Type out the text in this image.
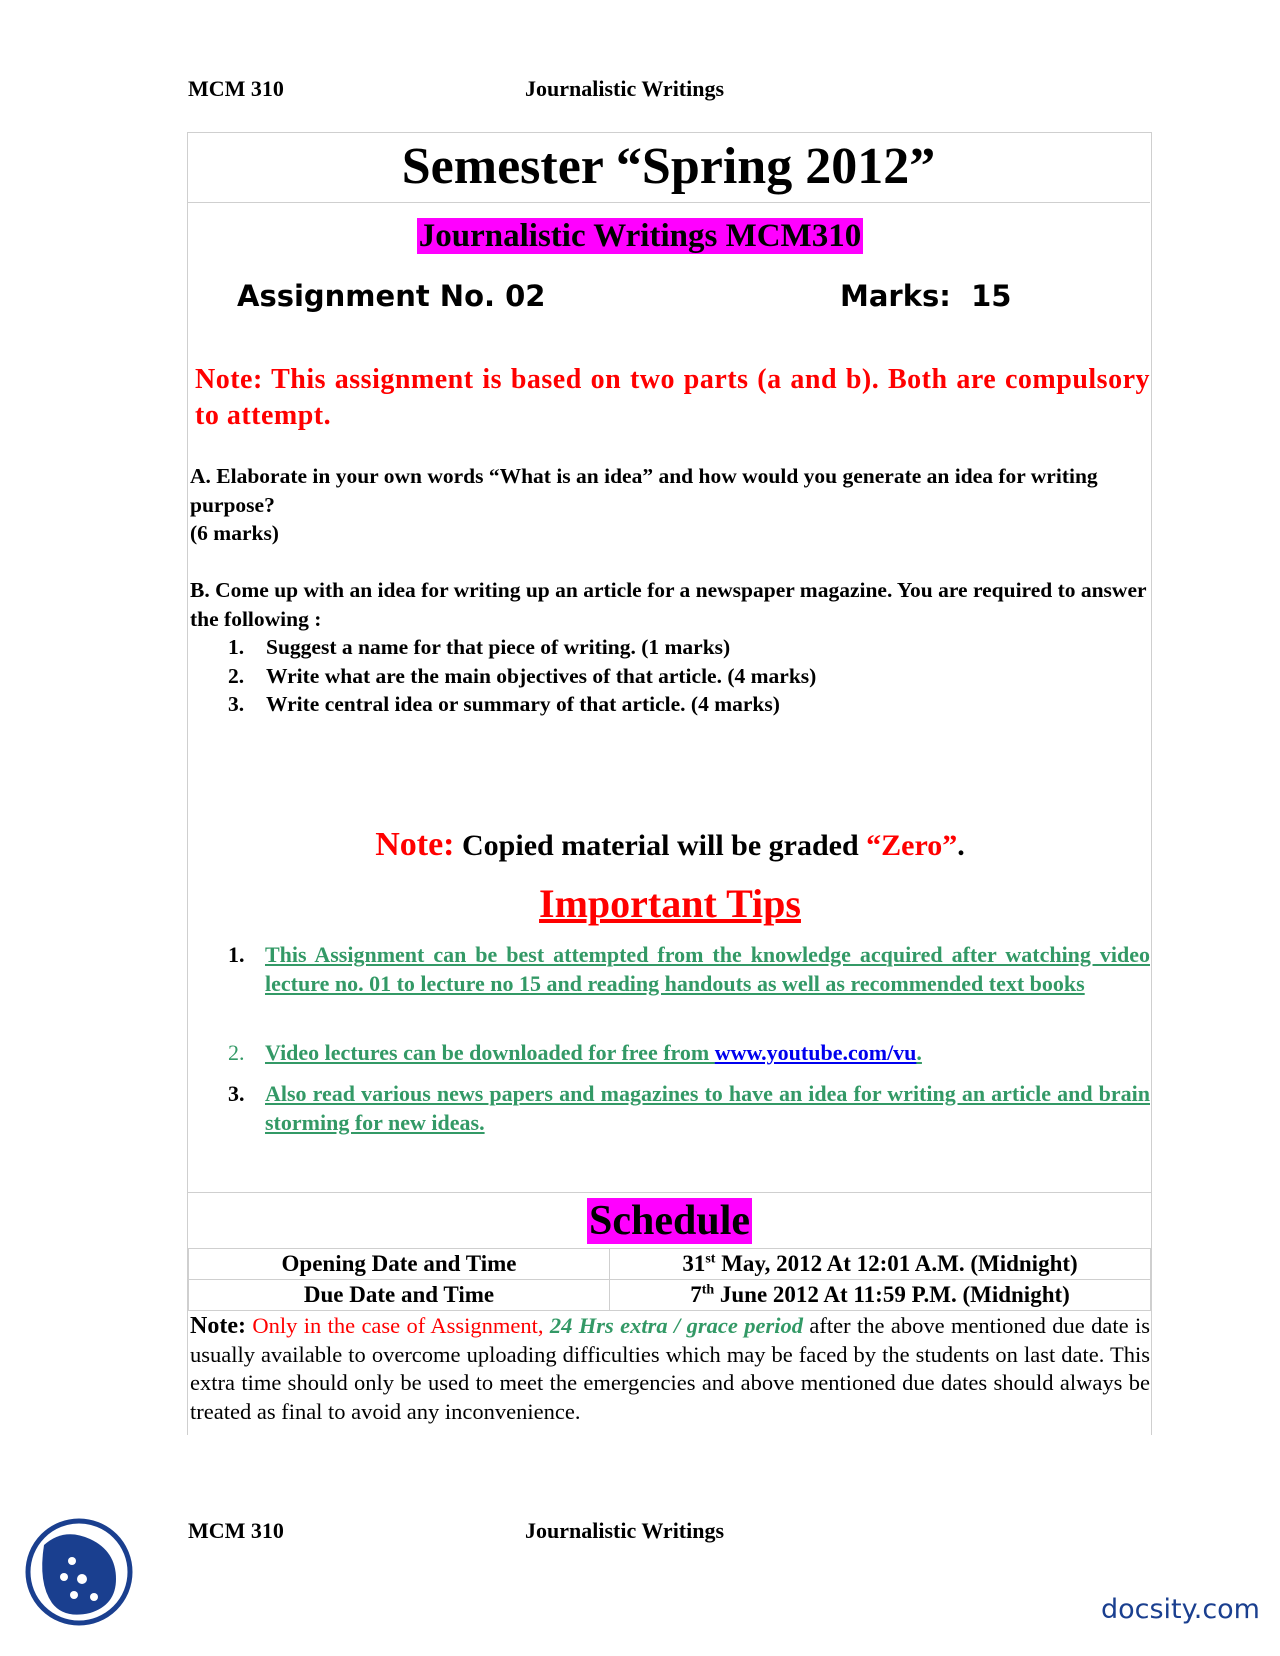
MCM 310	Journalistic Writings
Semester “Spring 2012”
Journalistic Writings MCM310
Assignment No. 02	Marks:  15
Note: This assignment is based on two parts (a and b). Both are compulsory to attempt.

A. Elaborate in your own words “What is an idea” and how would you generate an idea for writing purpose?

(6 marks)

B. Come up with an idea for writing up an article for a newspaper magazine. You are required to answer the following :

1. Suggest a name for that piece of writing. (1 marks)
2. Write what are the main objectives of that article. (4 marks)
3. Write central idea or summary of that article. (4 marks)
Note: Copied material will be graded “Zero”.
Important Tips
1. This Assignment can be best attempted from the knowledge acquired after watching video lecture no. 01 to lecture no 15 and reading handouts as well as recommended text books
2. Video lectures can be downloaded for free from www.youtube.com/vu.
3. Also read various news papers and magazines to have an idea for writing an article and brain storming for new ideas.
Schedule
Opening Date and Time	31st May, 2012 At 12:01 A.M. (Midnight)
Due Date and Time	7th June 2012 At 11:59 P.M. (Midnight)
Note: Only in the case of Assignment, 24 Hrs extra / grace period after the above mentioned due date is usually available to overcome uploading difficulties which may be faced by the students on last date. This extra time should only be used to meet the emergencies and above mentioned due dates should always be treated as final to avoid any inconvenience.
MCM 310	Journalistic Writings
docsity.com
